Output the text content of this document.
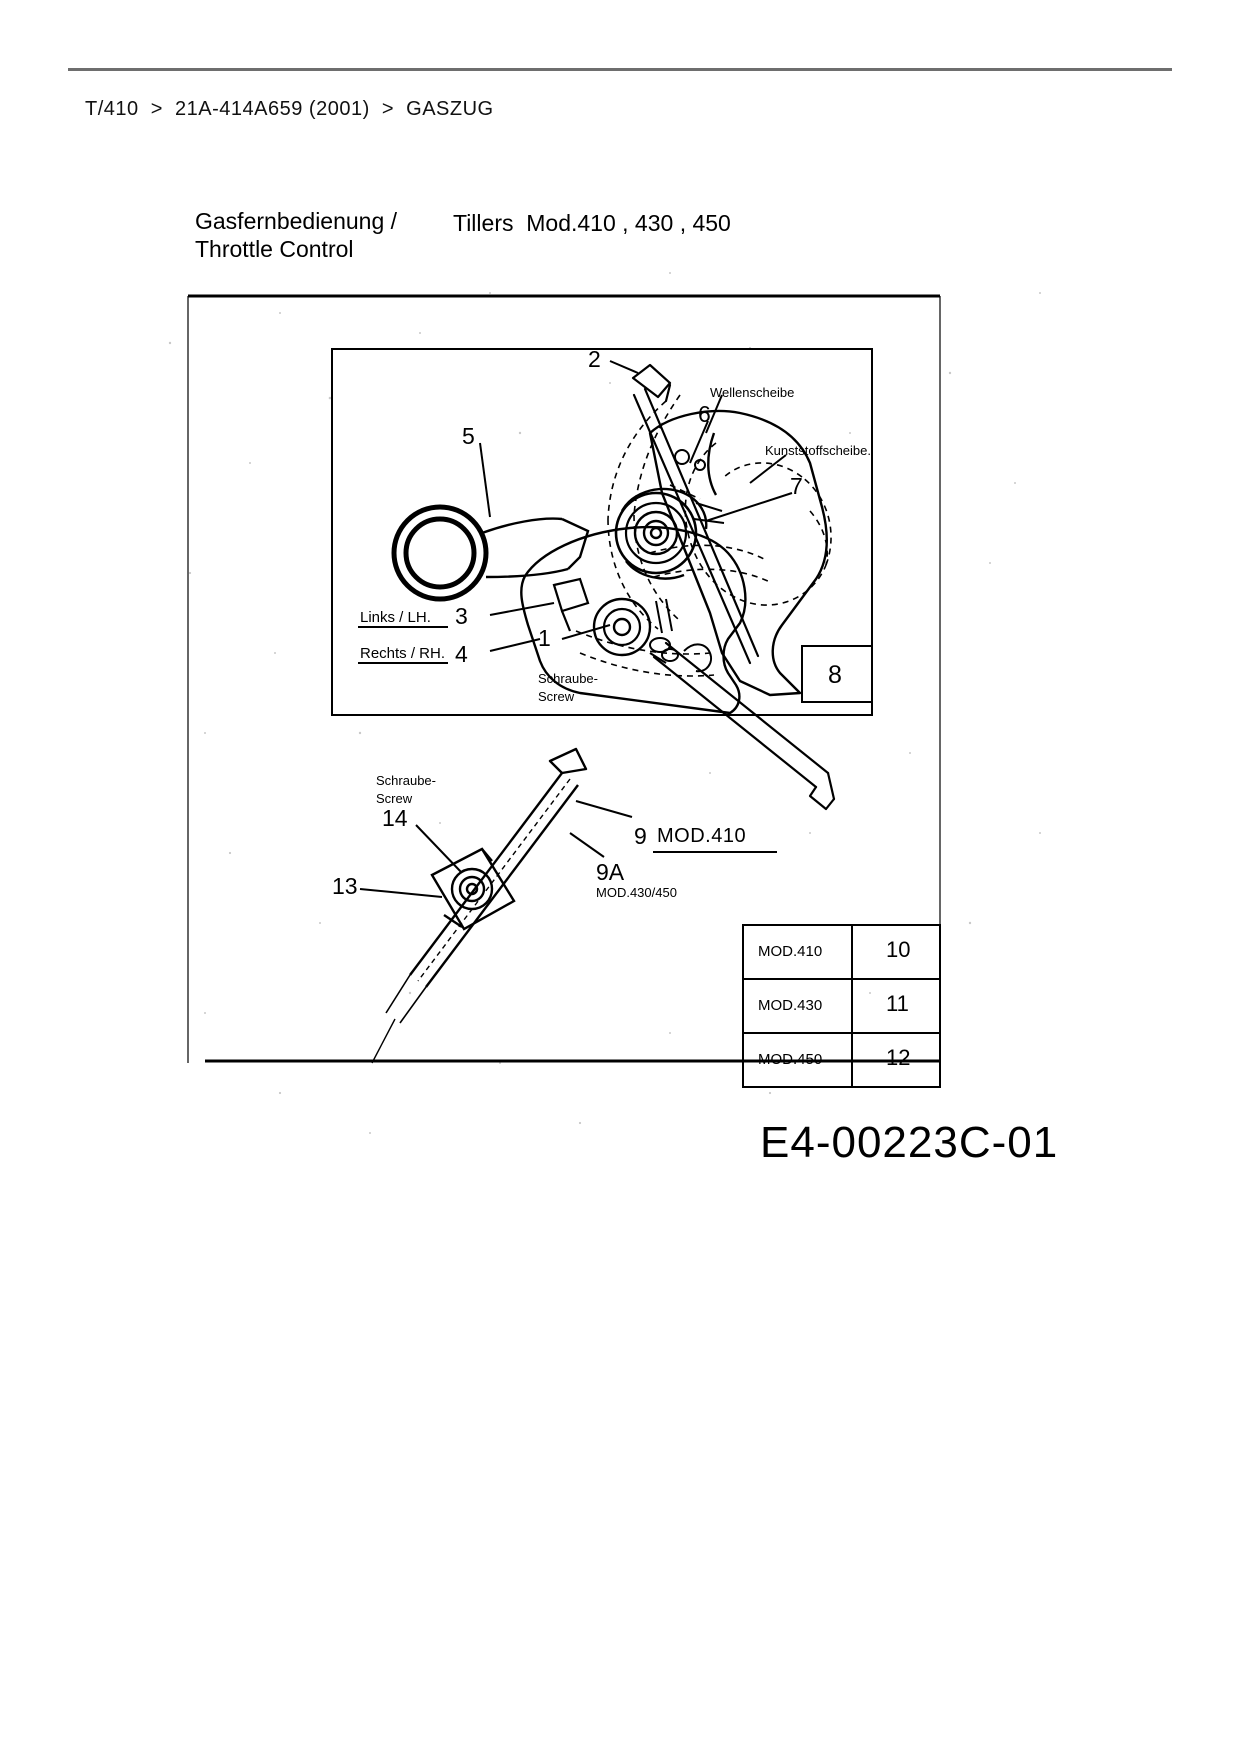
T/410  >  21A-414A659 (2001)  >  GASZUG
Gasfernbedienung /
Throttle Control
Tillers  Mod.410 , 430 , 450
2
5
6
7
3
4
1
8
14
13
9
9A
Wellenscheibe
Kunststoffscheibe.
Links / LH.
Rechts / RH.
Schraube-
Screw
Schraube-
Screw
MOD.410
MOD.430/450
MOD.410	10
MOD.430	11
MOD.450	12
E4-00223C-01
